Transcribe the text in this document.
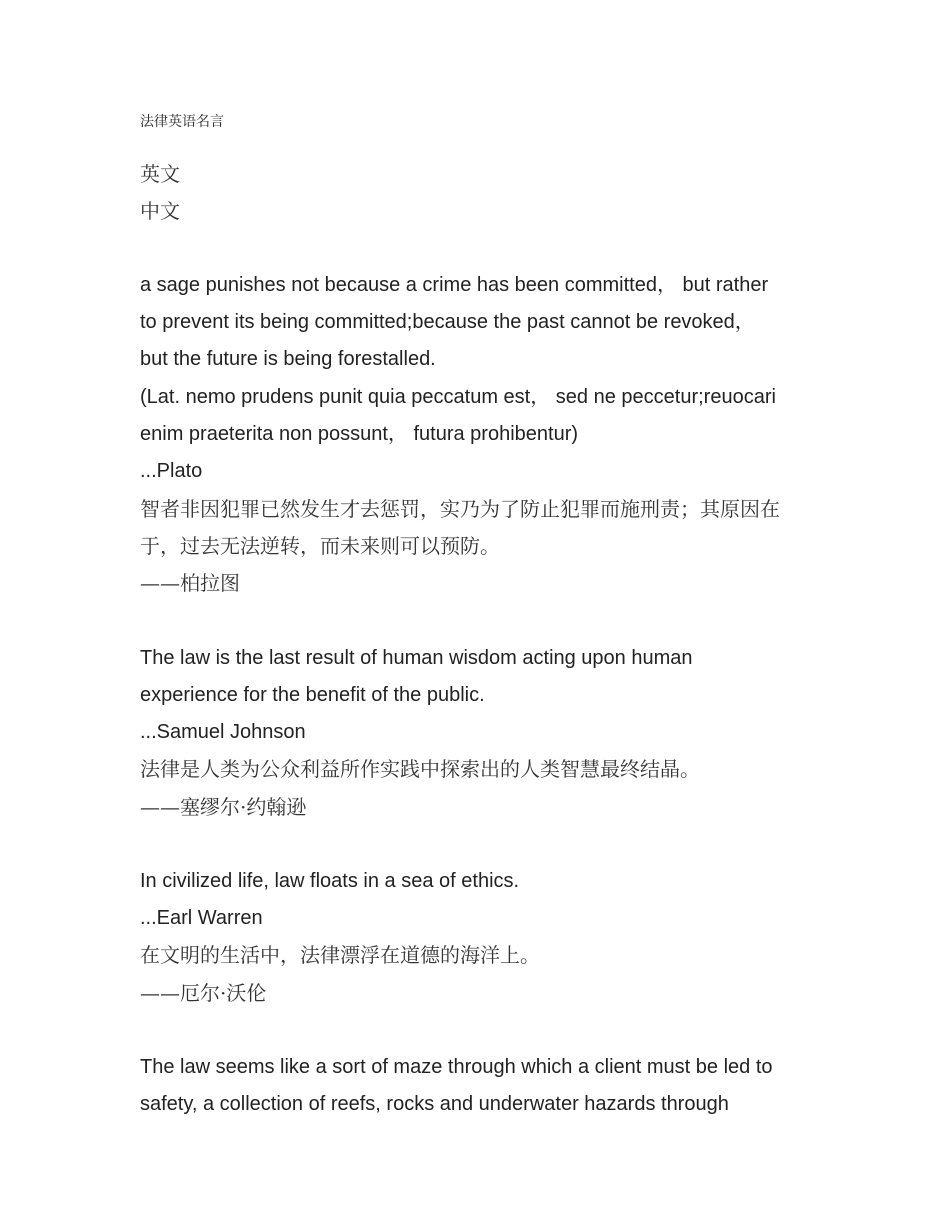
法律英语名言
英文
中文
a sage punishes not because a crime has been committed， but rather
to prevent its being committed;because the past cannot be revoked，
but the future is being forestalled.
(Lat. nemo prudens punit quia peccatum est， sed ne peccetur;reuocari
enim praeterita non possunt， futura prohibentur)
...Plato
智者非因犯罪已然发生才去惩罚，实乃为了防止犯罪而施刑责；其原因在
于，过去无法逆转，而未来则可以预防。
——柏拉图
The law is the last result of human wisdom acting upon human
experience for the benefit of the public.
...Samuel Johnson
法律是人类为公众利益所作实践中探索出的人类智慧最终结晶。
——塞缪尔·约翰逊
In civilized life, law floats in a sea of ethics.
...Earl Warren
在文明的生活中，法律漂浮在道德的海洋上。
——厄尔·沃伦
The law seems like a sort of maze through which a client must be led to
safety, a collection of reefs, rocks and underwater hazards through
